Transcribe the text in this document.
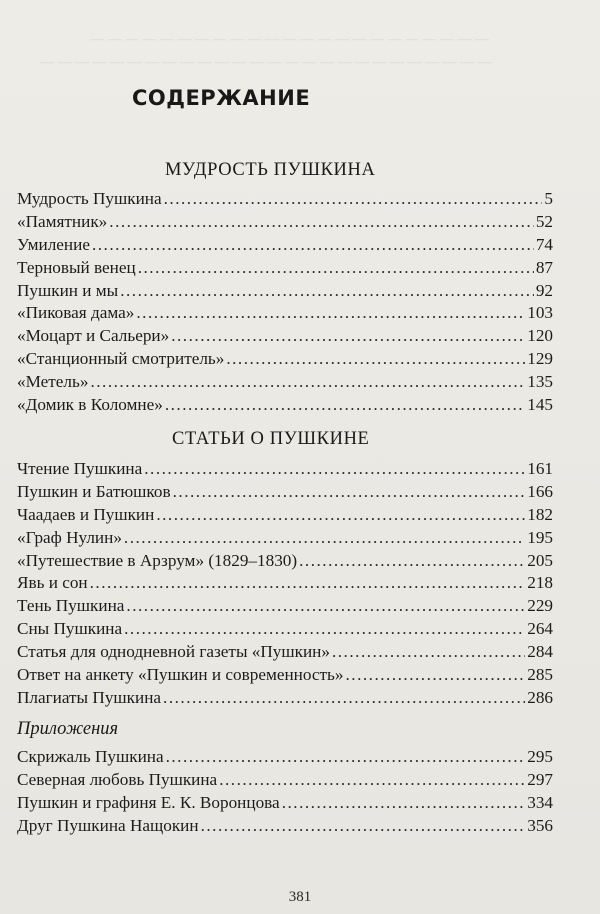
— — — — — — — — — — — — — — — — — — — — — — —
— — — — — — — — — — — — — — — — — — — — — — — — — —
СОДЕРЖАНИЕ
МУДРОСТЬ ПУШКИНА
Мудрость Пушкина . . .	5
«Памятник» . . .	52
Умиление . . .	74
Терновый венец . . .	87
Пушкин и мы . . .	92
«Пиковая дама» . . .	103
«Моцарт и Сальери» . . .	120
«Станционный смотритель» . . .	129
«Метель» . . .	135
«Домик в Коломне» . . .	145
СТАТЬИ О ПУШКИНЕ
Чтение Пушкина . . .	161
Пушкин и Батюшков . . .	166
Чаадаев и Пушкин . . .	182
«Граф Нулин» . . .	195
«Путешествие в Арзрум» (1829–1830) . . .	205
Явь и сон . . .	218
Тень Пушкина . . .	229
Сны Пушкина . . .	264
Статья для однодневной газеты «Пушкин» . . .	284
Ответ на анкету «Пушкин и современность» . . .	285
Плагиаты Пушкина . . .	286
Приложения
Скрижаль Пушкина . . .	295
Северная любовь Пушкина . . .	297
Пушкин и графиня Е. К. Воронцова . . .	334
Друг Пушкина Нащокин . . .	356
381
